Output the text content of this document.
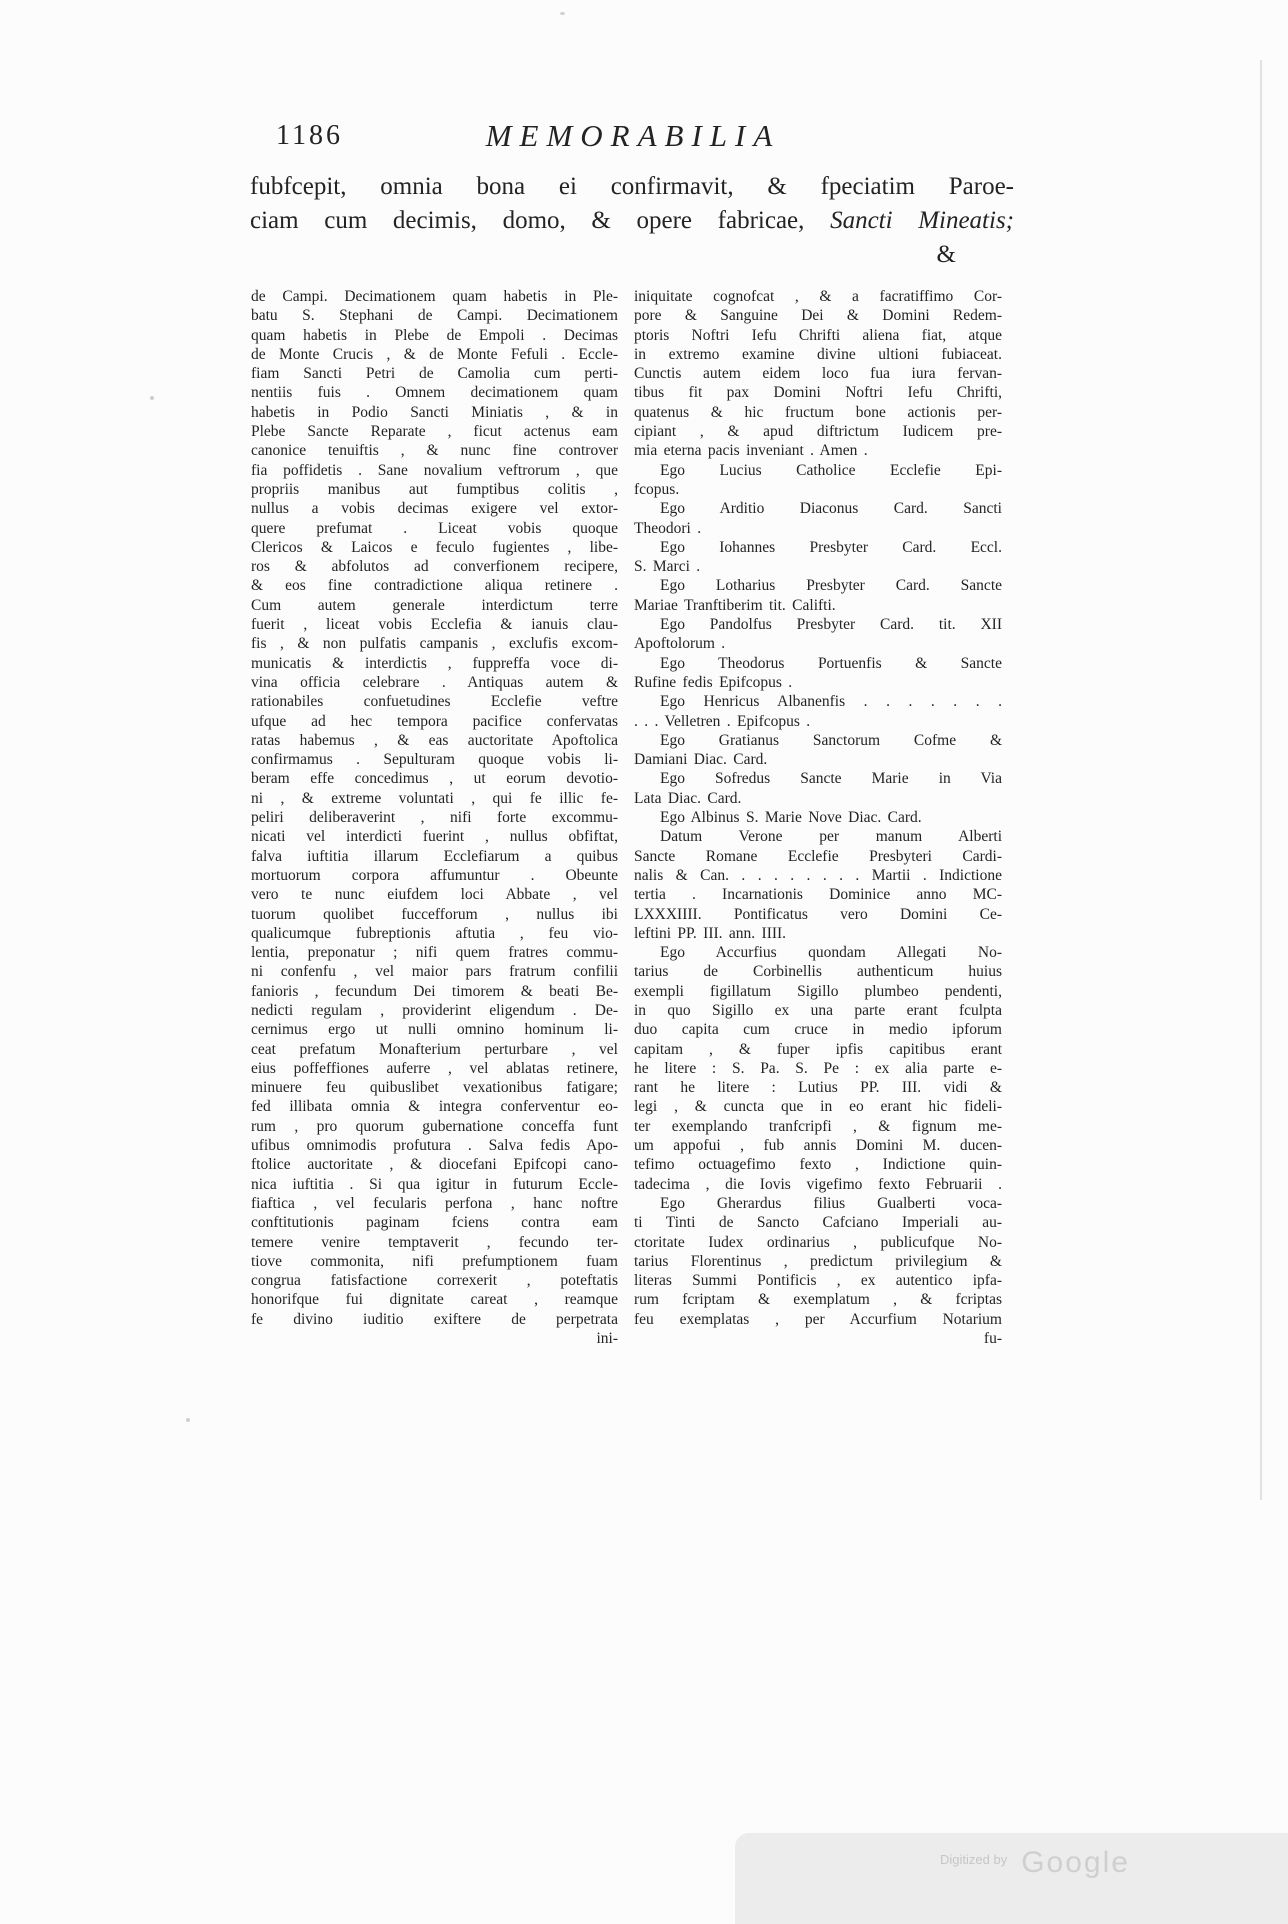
1186	MEMORABILIA
fubfcepit, omnia bona ei confirmavit, & fpeciatim Paroe-
ciam cum decimis, domo, & opere fabricae, Sancti Mineatis;
&
de Campi. Decimationem quam habetis in Ple-
batu S. Stephani de Campi. Decimationem
quam habetis in Plebe de Empoli . Decimas
de Monte Crucis , & de Monte Fefuli . Eccle-
fiam Sancti Petri de Camolia cum perti-
nentiis fuis . Omnem decimationem quam
habetis in Podio Sancti Miniatis , & in
Plebe Sancte Reparate , ficut actenus eam
canonice tenuiftis , & nunc fine controver
fia poffidetis . Sane novalium veftrorum , que
propriis manibus aut fumptibus colitis ,
nullus a vobis decimas exigere vel extor-
quere prefumat . Liceat vobis quoque
Clericos & Laicos e feculo fugientes , libe-
ros & abfolutos ad converfionem recipere,
& eos fine contradictione aliqua retinere .
Cum autem generale interdictum terre
fuerit , liceat vobis Ecclefia & ianuis clau-
fis , & non pulfatis campanis , exclufis excom-
municatis & interdictis , fuppreffa voce di-
vina officia celebrare . Antiquas autem &
rationabiles confuetudines Ecclefie veftre
ufque ad hec tempora pacifice confervatas
ratas habemus , & eas auctoritate Apoftolica
confirmamus . Sepulturam quoque vobis li-
beram effe concedimus , ut eorum devotio-
ni , & extreme voluntati , qui fe illic fe-
peliri deliberaverint , nifi forte excommu-
nicati vel interdicti fuerint , nullus obfiftat,
falva iuftitia illarum Ecclefiarum a quibus
mortuorum corpora affumuntur . Obeunte
vero te nunc eiufdem loci Abbate , vel
tuorum quolibet fuccefforum , nullus ibi
qualicumque fubreptionis aftutia , feu vio-
lentia, preponatur ; nifi quem fratres commu-
ni confenfu , vel maior pars fratrum confilii
fanioris , fecundum Dei timorem & beati Be-
nedicti regulam , providerint eligendum . De-
cernimus ergo ut nulli omnino hominum li-
ceat prefatum Monafterium perturbare , vel
eius poffeffiones auferre , vel ablatas retinere,
minuere feu quibuslibet vexationibus fatigare;
fed illibata omnia & integra conferventur eo-
rum , pro quorum gubernatione conceffa funt
ufibus omnimodis profutura . Salva fedis Apo-
ftolice auctoritate , & diocefani Epifcopi cano-
nica iuftitia . Si qua igitur in futurum Eccle-
fiaftica , vel fecularis perfona , hanc noftre
conftitutionis paginam fciens contra eam
temere venire temptaverit , fecundo ter-
tiove commonita, nifi prefumptionem fuam
congrua fatisfactione correxerit , poteftatis
honorifque fui dignitate careat , reamque
fe divino iuditio exiftere de perpetrata
ini-
iniquitate cognofcat , & a facratiffimo Cor-
pore & Sanguine Dei & Domini Redem-
ptoris Noftri Iefu Chrifti aliena fiat, atque
in extremo examine divine ultioni fubiaceat.
Cunctis autem eidem loco fua iura fervan-
tibus fit pax Domini Noftri Iefu Chrifti,
quatenus & hic fructum bone actionis per-
cipiant , & apud diftrictum Iudicem pre-
mia eterna pacis inveniant . Amen .
Ego Lucius Catholice Ecclefie Epi-
fcopus.
Ego Arditio Diaconus Card. Sancti
Theodori .
Ego Iohannes Presbyter Card. Eccl.
S. Marci .
Ego Lotharius Presbyter Card. Sancte
Mariae Tranftiberim tit. Califti.
Ego Pandolfus Presbyter Card. tit. XII
Apoftolorum .
Ego Theodorus Portuenfis & Sancte
Rufine fedis Epifcopus .
Ego Henricus Albanenfis . . . . . . .
. . . Velletren . Epifcopus .
Ego Gratianus Sanctorum Cofme &
Damiani Diac. Card.
Ego Sofredus Sancte Marie in Via
Lata Diac. Card.
Ego Albinus S. Marie Nove Diac. Card.
Datum Verone per manum Alberti
Sancte Romane Ecclefie Presbyteri Cardi-
nalis & Can. . . . . . . . . Martii . Indictione
tertia . Incarnationis Dominice anno MC-
LXXXIIII. Pontificatus vero Domini Ce-
leftini PP. III. ann. IIII.
Ego Accurfius quondam Allegati No-
tarius de Corbinellis authenticum huius
exempli figillatum Sigillo plumbeo pendenti,
in quo Sigillo ex una parte erant fculpta
duo capita cum cruce in medio ipforum
capitam , & fuper ipfis capitibus erant
he litere : S. Pa. S. Pe : ex alia parte e-
rant he litere : Lutius PP. III. vidi &
legi , & cuncta que in eo erant hic fideli-
ter exemplando tranfcripfi , & fignum me-
um appofui , fub annis Domini M. ducen-
tefimo octuagefimo fexto , Indictione quin-
tadecima , die Iovis vigefimo fexto Februarii .
Ego Gherardus filius Gualberti voca-
ti Tinti de Sancto Cafciano Imperiali au-
ctoritate Iudex ordinarius , publicufque No-
tarius Florentinus , predictum privilegium &
literas Summi Pontificis , ex autentico ipfa-
rum fcriptam & exemplatum , & fcriptas
feu exemplatas , per Accurfium Notarium
fu-
$^{Digitized by}$ Google
